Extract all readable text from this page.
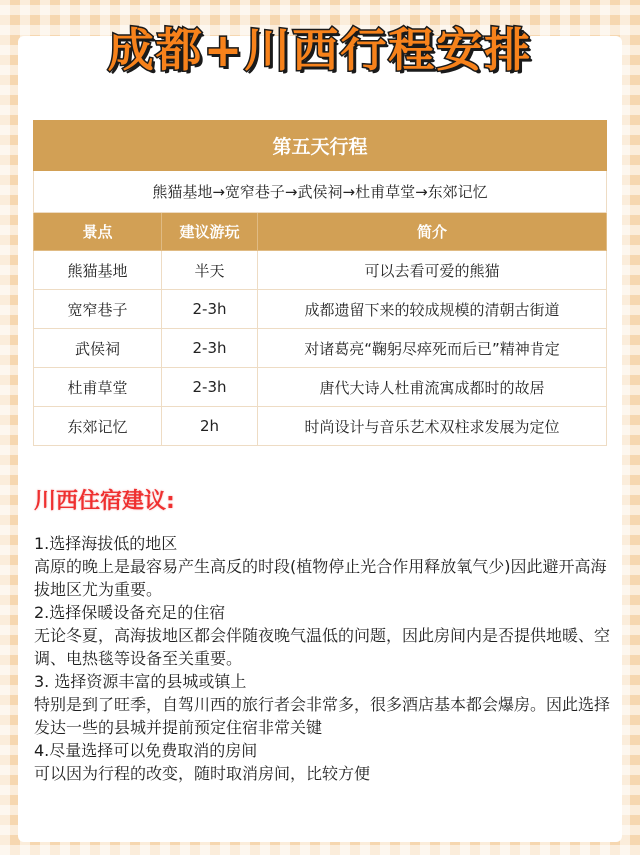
成都+川西行程安排
第五天行程		
熊猫基地→宽窄巷子→武侯祠→杜甫草堂→东郊记忆		
景点	建议游玩	简介
熊猫基地	半天	可以去看可爱的熊猫
宽窄巷子	2-3h	成都遗留下来的较成规模的清朝古街道
武侯祠	2-3h	对诸葛亮“鞠躬尽瘁死而后已”精神肯定
杜甫草堂	2-3h	唐代大诗人杜甫流寓成都时的故居
东郊记忆	2h	时尚设计与音乐艺术双柱求发展为定位
川西住宿建议:

1.选择海拔低的地区

高原的晚上是最容易产生高反的时段(植物停止光合作用释放氧气少)因此避开高海拔地区尤为重要。

2.选择保暖设备充足的住宿

无论冬夏，高海拔地区都会伴随夜晚气温低的问题，因此房间内是否提供地暖、空调、电热毯等设备至关重要。

3. 选择资源丰富的县城或镇上

特别是到了旺季，自驾川西的旅行者会非常多，很多酒店基本都会爆房。因此选择发达一些的县城并提前预定住宿非常关键

4.尽量选择可以免费取消的房间

可以因为行程的改变，随时取消房间，比较方便
